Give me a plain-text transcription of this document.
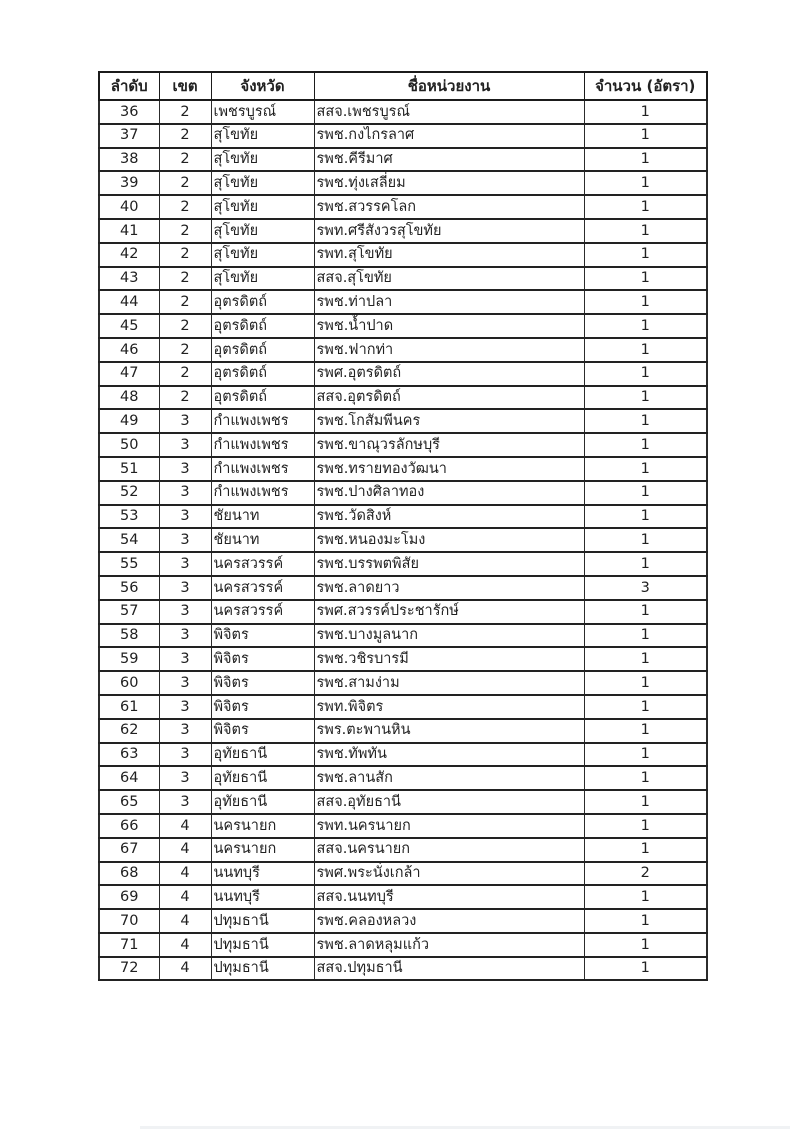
ลำดับ	เขต	จังหวัด	ชื่อหน่วยงาน	จำนวน (อัตรา)
36	2	เพชรบูรณ์	สสจ.เพชรบูรณ์	1
37	2	สุโขทัย	รพช.กงไกรลาศ	1
38	2	สุโขทัย	รพช.คีรีมาศ	1
39	2	สุโขทัย	รพช.ทุ่งเสลี่ยม	1
40	2	สุโขทัย	รพช.สวรรคโลก	1
41	2	สุโขทัย	รพท.ศรีสังวรสุโขทัย	1
42	2	สุโขทัย	รพท.สุโขทัย	1
43	2	สุโขทัย	สสจ.สุโขทัย	1
44	2	อุตรดิตถ์	รพช.ท่าปลา	1
45	2	อุตรดิตถ์	รพช.น้ำปาด	1
46	2	อุตรดิตถ์	รพช.ฟากท่า	1
47	2	อุตรดิตถ์	รพศ.อุตรดิตถ์	1
48	2	อุตรดิตถ์	สสจ.อุตรดิตถ์	1
49	3	กำแพงเพชร	รพช.โกสัมพีนคร	1
50	3	กำแพงเพชร	รพช.ขาณุวรลักษบุรี	1
51	3	กำแพงเพชร	รพช.ทรายทองวัฒนา	1
52	3	กำแพงเพชร	รพช.ปางศิลาทอง	1
53	3	ชัยนาท	รพช.วัดสิงห์	1
54	3	ชัยนาท	รพช.หนองมะโมง	1
55	3	นครสวรรค์	รพช.บรรพตพิสัย	1
56	3	นครสวรรค์	รพช.ลาดยาว	3
57	3	นครสวรรค์	รพศ.สวรรค์ประชารักษ์	1
58	3	พิจิตร	รพช.บางมูลนาก	1
59	3	พิจิตร	รพช.วชิรบารมี	1
60	3	พิจิตร	รพช.สามง่าม	1
61	3	พิจิตร	รพท.พิจิตร	1
62	3	พิจิตร	รพร.ตะพานหิน	1
63	3	อุทัยธานี	รพช.ทัพทัน	1
64	3	อุทัยธานี	รพช.ลานสัก	1
65	3	อุทัยธานี	สสจ.อุทัยธานี	1
66	4	นครนายก	รพท.นครนายก	1
67	4	นครนายก	สสจ.นครนายก	1
68	4	นนทบุรี	รพศ.พระนั่งเกล้า	2
69	4	นนทบุรี	สสจ.นนทบุรี	1
70	4	ปทุมธานี	รพช.คลองหลวง	1
71	4	ปทุมธานี	รพช.ลาดหลุมแก้ว	1
72	4	ปทุมธานี	สสจ.ปทุมธานี	1
